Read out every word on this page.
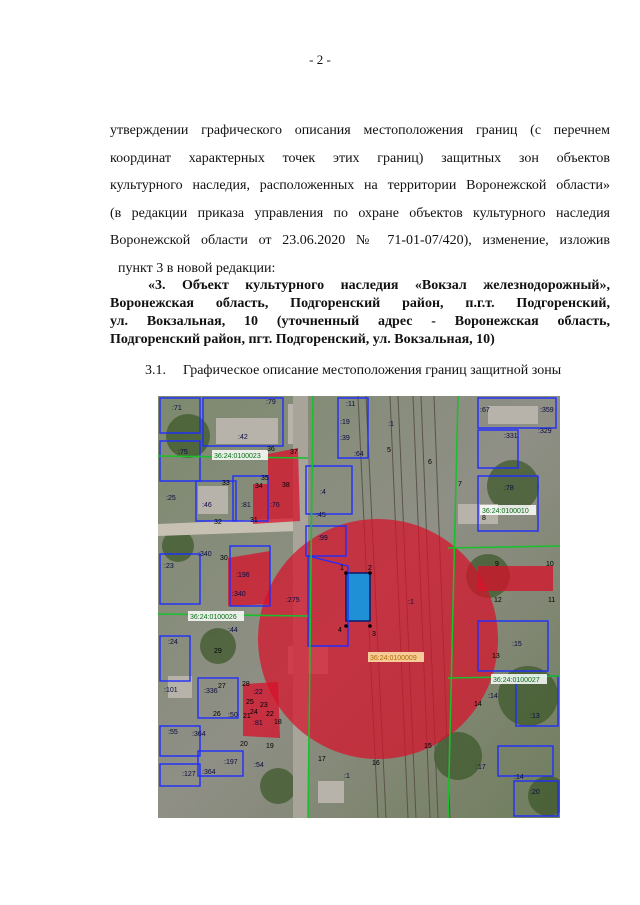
- 2 -
утверждении графического описания местоположения границ (с перечнем
координат характерных точек этих границ) защитных зон объектов
культурного наследия, расположенных на территории Воронежской области»
(в редакции приказа управления по охране объектов культурного наследия
Воронежской области от 23.06.2020 № 71-01-07/420), изменение, изложив
пункт 3 в новой редакции:
«3. Объект культурного наследия «Вокзал железнодорожный»,
Воронежская область, Подгоренский район, п.г.т. Подгоренский,
ул. Вокзальная, 10 (уточненный адрес - Воронежская область,
Подгоренский район, пгт. Подгоренский, ул. Вокзальная, 10)
3.1. Графическое описание местоположения границ защитной зоны
36:24:0100023
36:24:0100010
36:24:0100026
36:24:0100009
36:24:0100027
:71
:79	:11
:19	:1
:359
:67
:331
:329
:75
:42	:39
:64
:4
:78
:25
:46	:81	:76
:45
:99
:340
:196
:340
:23
:275
:24
:44
:15
:101	:336	:22
:50
:81
:14
:13
:55 :364
:197 :54
:127 :364
:1
:17
:14
:20
:1
1	2
3
4
5
6
7
8
9	10
11
12
13
14
15
16
17
18
19
20
21 22
23
24
25
26
27 28
29
30
31
32
33	34
35
36 37
38
